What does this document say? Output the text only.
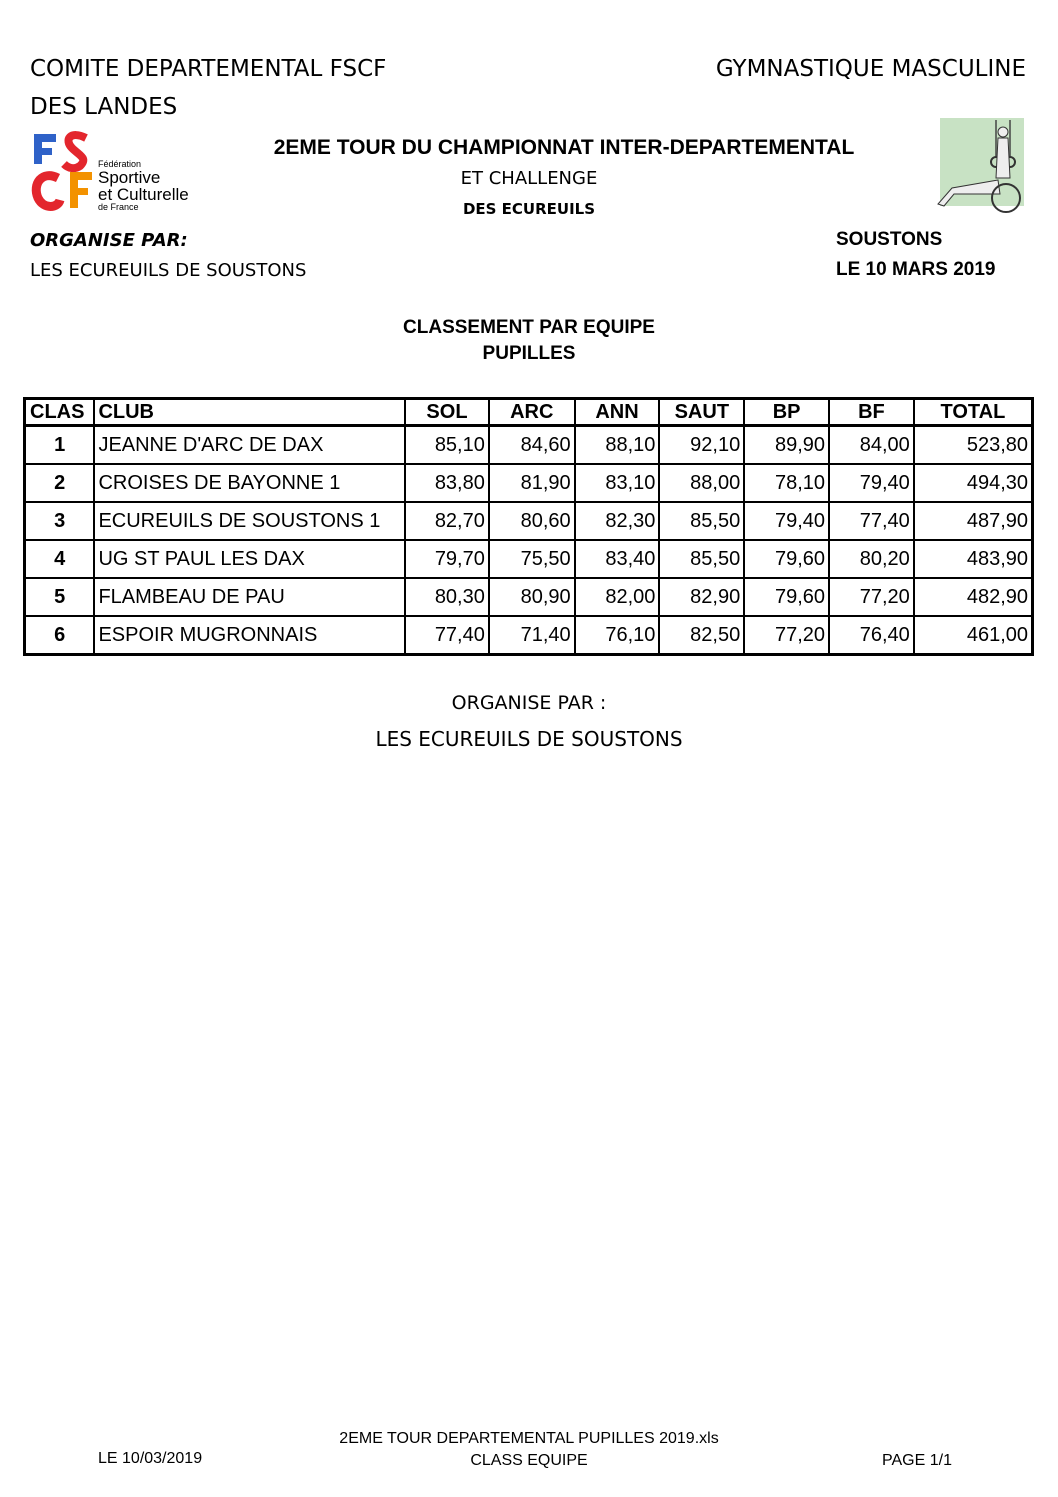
COMITE DEPARTEMENTAL FSCF
DES LANDES
GYMNASTIQUE MASCULINE
Fédération
Sportive
et Culturelle
de France
2EME TOUR DU CHAMPIONNAT INTER-DEPARTEMENTAL
ET CHALLENGE
DES ECUREUILS
ORGANISE PAR:
LES ECUREUILS DE SOUSTONS
SOUSTONS
LE 10 MARS 2019
CLASSEMENT PAR EQUIPE
PUPILLES
CLAS	CLUB	SOL	ARC	ANN	SAUT	BP	BF	TOTAL
1	JEANNE D'ARC DE DAX	85,10	84,60	88,10	92,10	89,90	84,00	523,80
2	CROISES DE BAYONNE 1	83,80	81,90	83,10	88,00	78,10	79,40	494,30
3	ECUREUILS DE SOUSTONS 1	82,70	80,60	82,30	85,50	79,40	77,40	487,90
4	UG ST PAUL LES DAX	79,70	75,50	83,40	85,50	79,60	80,20	483,90
5	FLAMBEAU DE PAU	80,30	80,90	82,00	82,90	79,60	77,20	482,90
6	ESPOIR MUGRONNAIS	77,40	71,40	76,10	82,50	77,20	76,40	461,00
ORGANISE PAR :
LES ECUREUILS DE SOUSTONS
2EME TOUR DEPARTEMENTAL PUPILLES 2019.xls
LE 10/03/2019	CLASS EQUIPE	PAGE 1/1
